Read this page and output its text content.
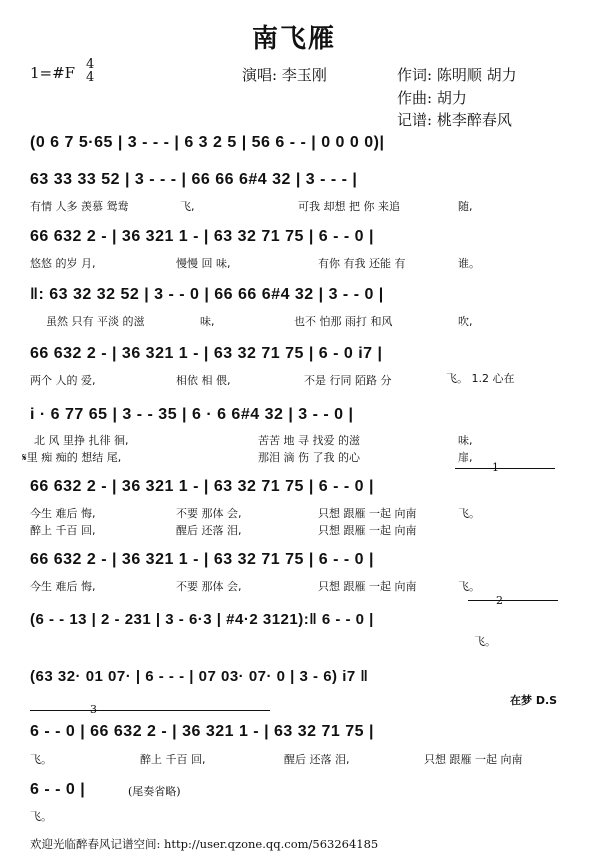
南飞雁
1=#F 4
4	演唱: 李玉刚	作词: 陈明顺 胡力
作曲: 胡力
记谱: 桃李醉春风
(0 6 7 5·65 | 3 - - - | 6 3 2 5 | 56 6 - - | 0 0 0 0)|
63 33 33 52 | 3 - - - | 66 66 6#4 32 | 3 - - - |
有情 人多 羡慕 鸳鸯	飞,	可我 却想 把 你 来追	随,
66 632 2 - | 36 321 1 - | 63 32 71 75 | 6 - - 0 |
悠悠 的岁 月,	慢慢 回 味,	有你 有我 还能 有	谁。
‖: 63 32 32 52 | 3 - - 0 | 66 66 6#4 32 | 3 - - 0 |
虽然 只有 平淡 的滋	味,	也不 怕那 雨打 和风	吹,
66 632 2 - | 36 321 1 - | 63 32 71 75 | 6 - 0 i7 |
两个 人的 爱,	相依 相 偎,	不是 行同 陌路 分	飞。 1.2 心在
i · 6 77 65 | 3 - - 35 | 6 · 6 6#4 32 | 3 - - 0 |
北 风 里挣 扎徘 徊,	苦苦 地 寻 找爱 的滋	味,
𝄋里 痴 痴的 想结 尾,	那泪 滴 伤 了我 的心	扉,
1
66 632 2 - | 36 321 1 - | 63 32 71 75 | 6 - - 0 |
今生 难后 悔,	不要 那体 会,	只想 跟雁 一起 向南	飞。
醉上 千百 回,	醒后 还落 泪,	只想 跟雁 一起 向南
66 632 2 - | 36 321 1 - | 63 32 71 75 | 6 - - 0 |
今生 难后 悔,	不要 那体 会,	只想 跟雁 一起 向南	飞。
2
(6 - - 13 | 2 - 231 | 3 - 6·3 | #4·2 3121):‖ 6 - - 0 |
飞。
(63 32· 01 07· | 6 - - - | 07 03· 07· 0 | 3 - 6) i7 ‖
在梦 D.S
3
6 - - 0 | 66 632 2 - | 36 321 1 - | 63 32 71 75 |
飞。	醉上 千百 回,	醒后 还落 泪,	只想 跟雁 一起 向南
6 - - 0 |	(尾奏省略)
飞。
欢迎光临醉春风记谱空间: http://user.qzone.qq.com/563264185
